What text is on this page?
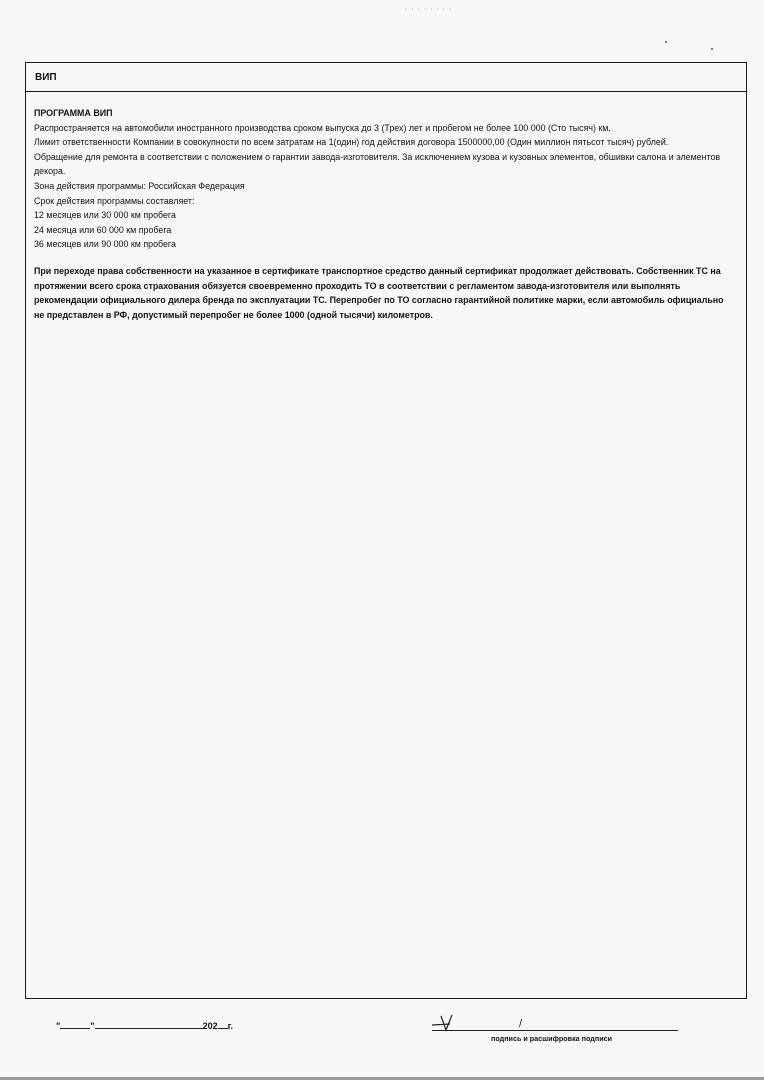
· · · · · · · ·
ВИП

ПРОГРАММА ВИП

Распространяется на автомобили иностранного производства сроком выпуска до 3 (Трех) лет и пробегом не более 100 000 (Сто тысяч) км.

Лимит ответственности Компании в совокупности по всем затратам на 1(один) год действия договора 1500000,00 (Один миллион пятьсот тысяч) рублей.

Обращение для ремонта в соответствии с положением о гарантии завода-изготовителя. За исключением кузова и кузовных элементов, обшивки салона и элементов декора.

Зона действия программы: Российская Федерация

Срок действия программы составляет:

12 месяцев или 30 000 км пробега

24 месяца или 60 000 км пробега

36 месяцев или 90 000 км пробега

При переходе права собственности на указанное в сертификате транспортное средство данный сертификат продолжает действовать. Собственник ТС на протяжении всего срока страхования обязуется своевременно проходить ТО в соответствии с регламентом завода-изготовителя или выполнять рекомендации официального дилера бренда по эксплуатации ТС. Перепробег по ТО согласно гарантийной политике марки, если автомобиль официально не представлен в РФ, допустимый перепробег не более 1000 (одной тысячи) километров.

"	"	202 г.	/
подпись и расшифровка подписи
